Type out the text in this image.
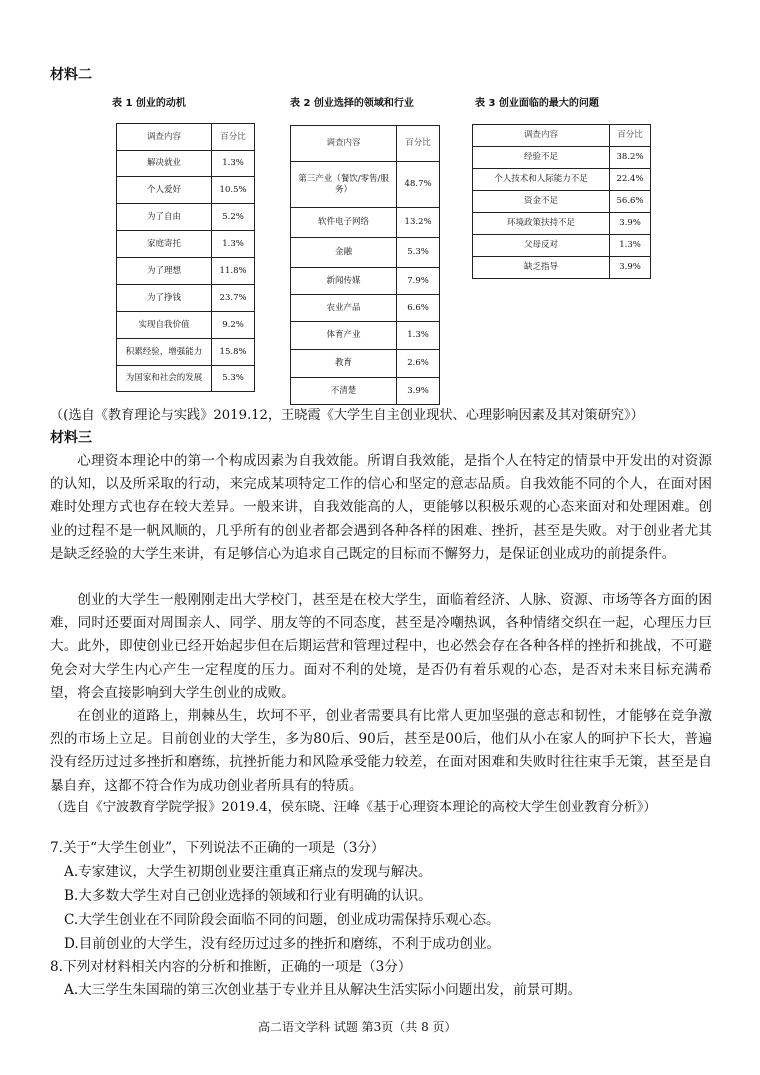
材料二
表 1 创业的动机	表 2 创业选择的领域和行业	表 3 创业面临的最大的问题
调查内容	百分比
解决就业	1.3%
个人爱好	10.5%
为了自由	5.2%
家庭寄托	1.3%
为了理想	11.8%
为了挣钱	23.7%
实现自我价值	9.2%
积累经验，增强能力	15.8%
为国家和社会的发展	5.3%
调查内容	百分比
第三产业（餐饮/零售/服务）	48.7%
软件电子网络	13.2%
金融	5.3%
新闻传媒	7.9%
农业产品	6.6%
体育产业	1.3%
教育	2.6%
不清楚	3.9%
调查内容	百分比
经验不足	38.2%
个人技术和人际能力不足	22.4%
资金不足	56.6%
环境政策扶持不足	3.9%
父母反对	1.3%
缺乏指导	3.9%
（(选自《教育理论与实践》2019.12，王晓霞《大学生自主创业现状、心理影响因素及其对策研究》）
材料三

心理资本理论中的第一个构成因素为自我效能。所谓自我效能，是指个人在特定的情景中开发出的对资源的认知，以及所采取的行动，来完成某项特定工作的信心和坚定的意志品质。自我效能不同的个人，在面对困难时处理方式也存在较大差异。一般来讲，自我效能高的人，更能够以积极乐观的心态来面对和处理困难。创业的过程不是一帆风顺的，几乎所有的创业者都会遇到各种各样的困难、挫折，甚至是失败。对于创业者尤其是缺乏经验的大学生来讲，有足够信心为追求自己既定的目标而不懈努力，是保证创业成功的前提条件。

创业的大学生一般刚刚走出大学校门，甚至是在校大学生，面临着经济、人脉、资源、市场等各方面的困难，同时还要面对周围亲人、同学、朋友等的不同态度，甚至是冷嘲热讽，各种情绪交织在一起，心理压力巨大。此外，即使创业已经开始起步但在后期运营和管理过程中，也必然会存在各种各样的挫折和挑战，不可避免会对大学生内心产生一定程度的压力。面对不利的处境，是否仍有着乐观的心态，是否对未来目标充满希望，将会直接影响到大学生创业的成败。

在创业的道路上，荆棘丛生，坎坷不平，创业者需要具有比常人更加坚强的意志和韧性，才能够在竞争激烈的市场上立足。目前创业的大学生，多为80后、90后，甚至是00后，他们从小在家人的呵护下长大，普遍没有经历过过多挫折和磨练，抗挫折能力和风险承受能力较差，在面对困难和失败时往往束手无策，甚至是自暴自弃，这都不符合作为成功创业者所具有的特质。

（选自《宁波教育学院学报》2019.4，侯东晓、汪峰《基于心理资本理论的高校大学生创业教育分析》）
7.关于“大学生创业”，下列说法不正确的一项是（3分）
A.专家建议，大学生初期创业要注重真正痛点的发现与解决。
B.大多数大学生对自己创业选择的领域和行业有明确的认识。
C.大学生创业在不同阶段会面临不同的问题，创业成功需保持乐观心态。
D.目前创业的大学生，没有经历过过多的挫折和磨练，不利于成功创业。
8.下列对材料相关内容的分析和推断，正确的一项是（3分）
A.大三学生朱国瑞的第三次创业基于专业并且从解决生活实际小问题出发，前景可期。
高二语文学科 试题 第3页（共 8 页）
